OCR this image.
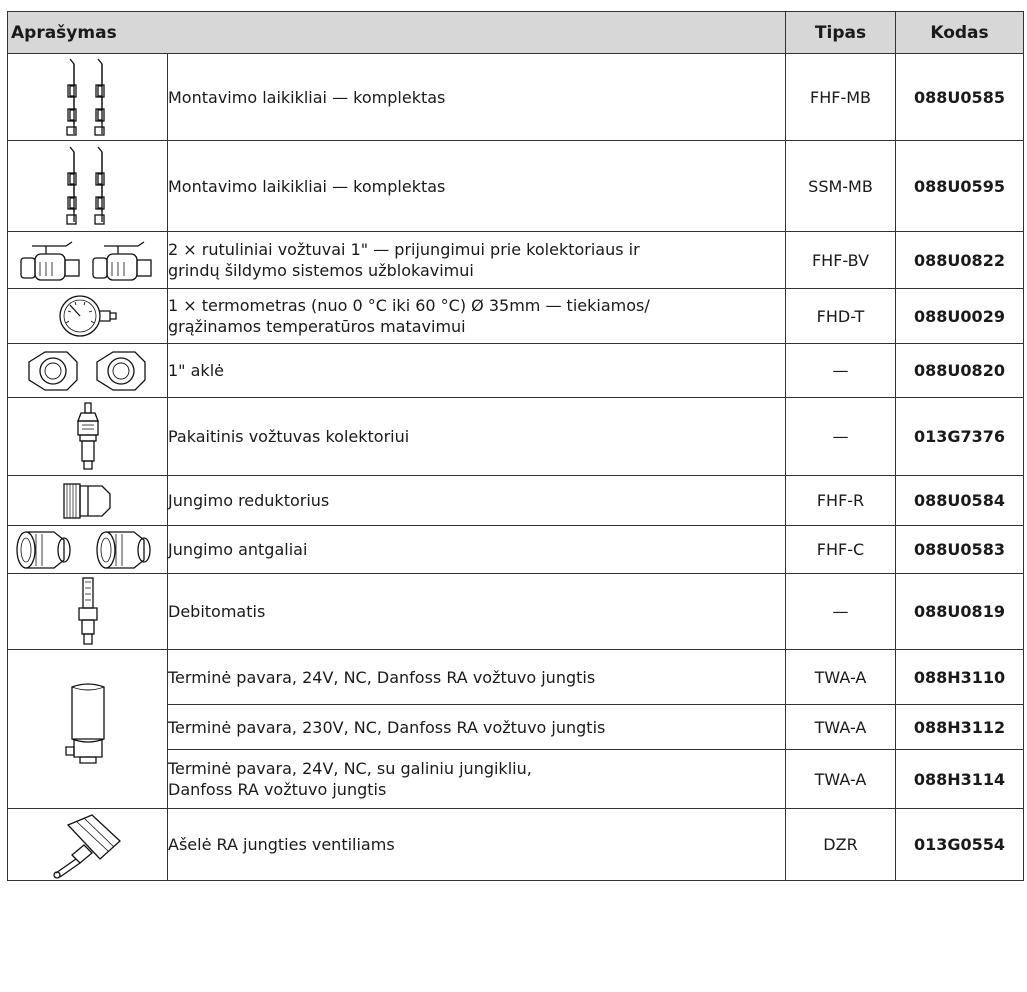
Aprašymas		Tipas	Kodas

Montavimo laikikliai — komplektas	FHF-MB	088U0585

Montavimo laikikliai — komplektas	SSM-MB	088U0595

2 × rutuliniai vožtuvai 1" — prijungimui prie kolektoriaus ir
grindų šildymo sistemos užblokavimui	FHF-BV	088U0822

1 × termometras (nuo 0 °C iki 60 °C) Ø 35mm — tiekiamos/
grąžinamos temperatūros matavimui	FHD-T	088U0029

1" aklė	—	088U0820

Pakaitinis vožtuvas kolektoriui	—	013G7376

Jungimo reduktorius	FHF-R	088U0584

Jungimo antgaliai	FHF-C	088U0583

Debitomatis	—	088U0819

Terminė pavara, 24V, NC, Danfoss RA vožtuvo jungtis	TWA-A	088H3110

	Terminė pavara, 230V, NC, Danfoss RA vožtuvo jungtis	TWA-A	088H3112

	Terminė pavara, 24V, NC, su galiniu jungikliu,
Danfoss RA vožtuvo jungtis	TWA-A	088H3114

Ašelė RA jungties ventiliams	DZR	013G0554
